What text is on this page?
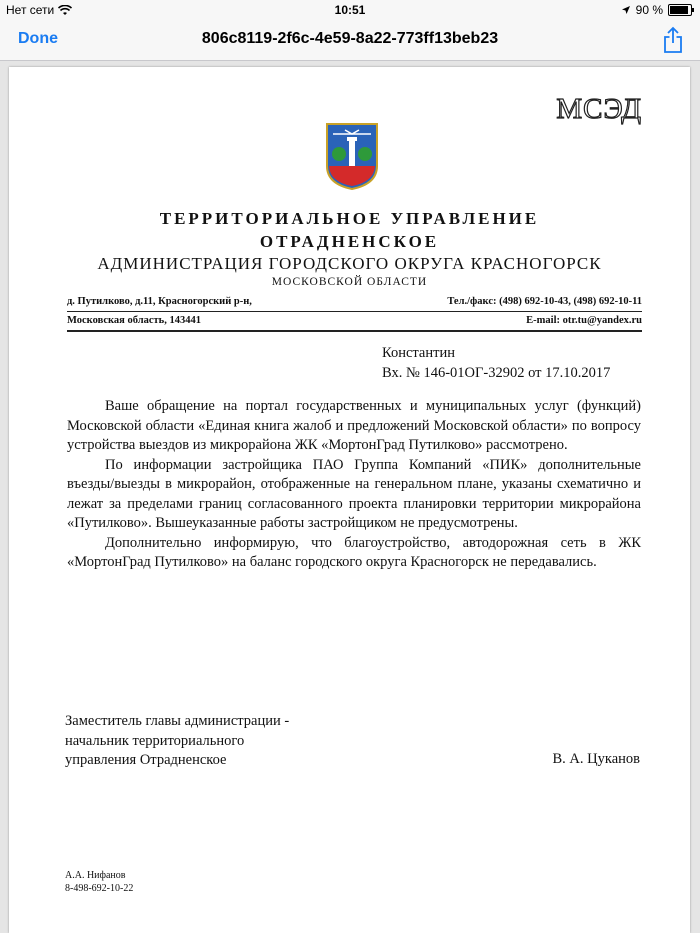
Нет сети	10:51	90 %
Done	806c8119-2f6c-4e59-8a22-773ff13beb23
МСЭД
ТЕРРИТОРИАЛЬНОЕ УПРАВЛЕНИЕ
ОТРАДНЕНСКОЕ
АДМИНИСТРАЦИЯ ГОРОДСКОГО ОКРУГА КРАСНОГОРСК
МОСКОВСКОЙ ОБЛАСТИ
д. Путилково, д.11, Красногорский р-н,	Тел./факс: (498) 692-10-43, (498) 692-10-11
Московская область, 143441	E-mail: otr.tu@yandex.ru
Константин
Вх. № 146-01ОГ-32902 от 17.10.2017

Ваше обращение на портал государственных и муниципальных услуг (функций) Московской области «Единая книга жалоб и предложений Московской области» по вопросу устройства выездов из микрорайона ЖК «МортонГрад Путилково» рассмотрено.

По информации застройщика ПАО Группа Компаний «ПИК» дополнительные въезды/выезды в микрорайон, отображенные на генеральном плане, указаны схематично и лежат за пределами границ согласованного проекта планировки территории микрорайона «Путилково». Вышеуказанные работы застройщиком не предусмотрены.

Дополнительно информирую, что благоустройство, автодорожная сеть в ЖК «МортонГрад Путилково» на баланс городского округа Красногорск не передавались.

Заместитель главы администрации -
начальник территориального
управления Отрадненское	В. А. Цуканов
А.А. Нифанов
8-498-692-10-22
